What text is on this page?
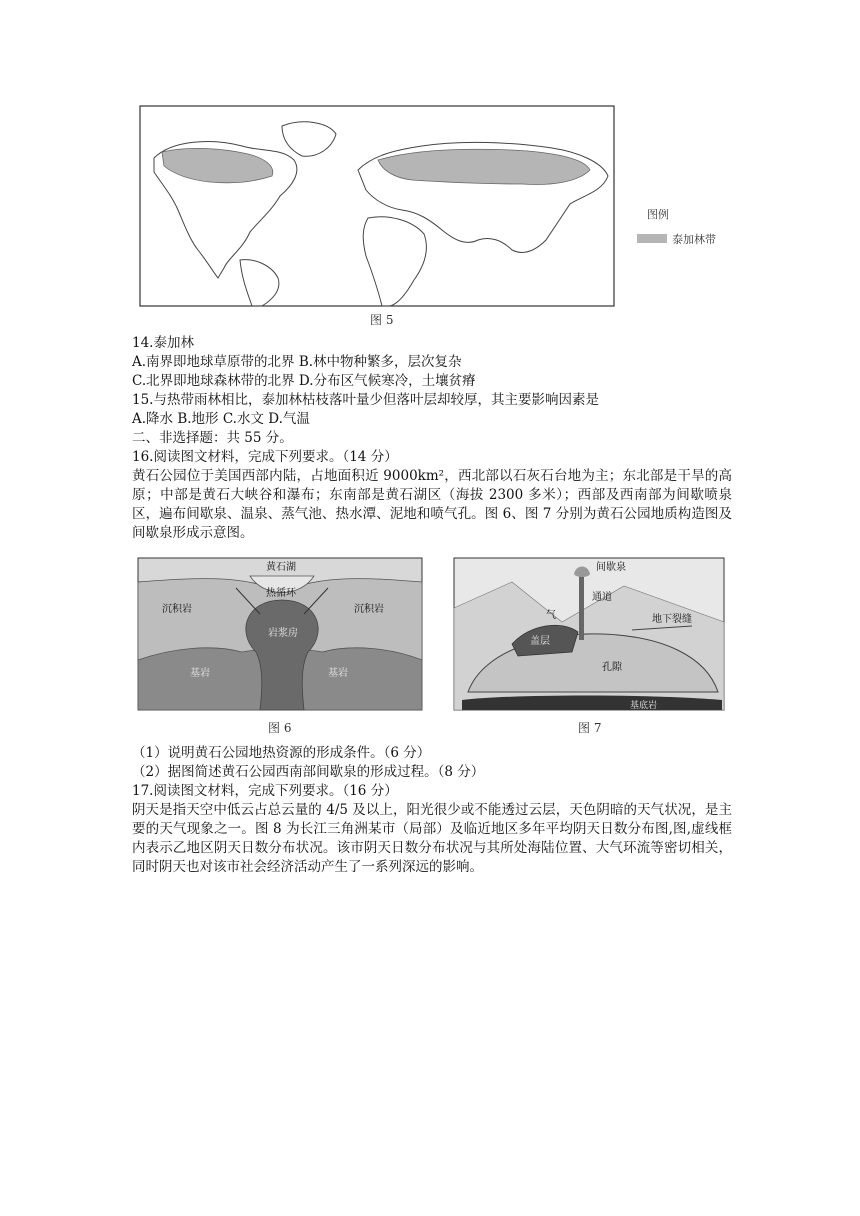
图例
泰加林带
图 5
14.泰加林
A.南界即地球草原带的北界 B.林中物种繁多，层次复杂
C.北界即地球森林带的北界 D.分布区气候寒冷，土壤贫瘠
15.与热带雨林相比，泰加林枯枝落叶量少但落叶层却较厚，其主要影响因素是
A.降水 B.地形 C.水文 D.气温
二、非选择题：共 55 分。
16.阅读图文材料，完成下列要求。（14 分）

黄石公园位于美国西部内陆，占地面积近 9000km²，西北部以石灰石台地为主；东北部是干旱的高原；中部是黄石大峡谷和瀑布；东南部是黄石湖区（海拔 2300 多米）；西部及西南部为间歇喷泉区，遍布间歇泉、温泉、蒸气池、热水潭、泥地和喷气孔。图 6、图 7 分别为黄石公园地质构造图及间歇泉形成示意图。

黄石湖
热循环
沉积岩	沉积岩
岩浆房
基岩	基岩
图 6
间歇泉
通道
气	地下裂缝
盖层
孔隙
基底岩
图 7
（1）说明黄石公园地热资源的形成条件。（6 分）
（2）据图简述黄石公园西南部间歇泉的形成过程。（8 分）
17.阅读图文材料，完成下列要求。（16 分）

阴天是指天空中低云占总云量的 4/5 及以上，阳光很少或不能透过云层，天色阴暗的天气状况，是主要的天气现象之一。图 8 为长江三角洲某市（局部）及临近地区多年平均阴天日数分布图,图,虚线框内表示乙地区阴天日数分布状况。该市阴天日数分布状况与其所处海陆位置、大气环流等密切相关，同时阴天也对该市社会经济活动产生了一系列深远的影响。
